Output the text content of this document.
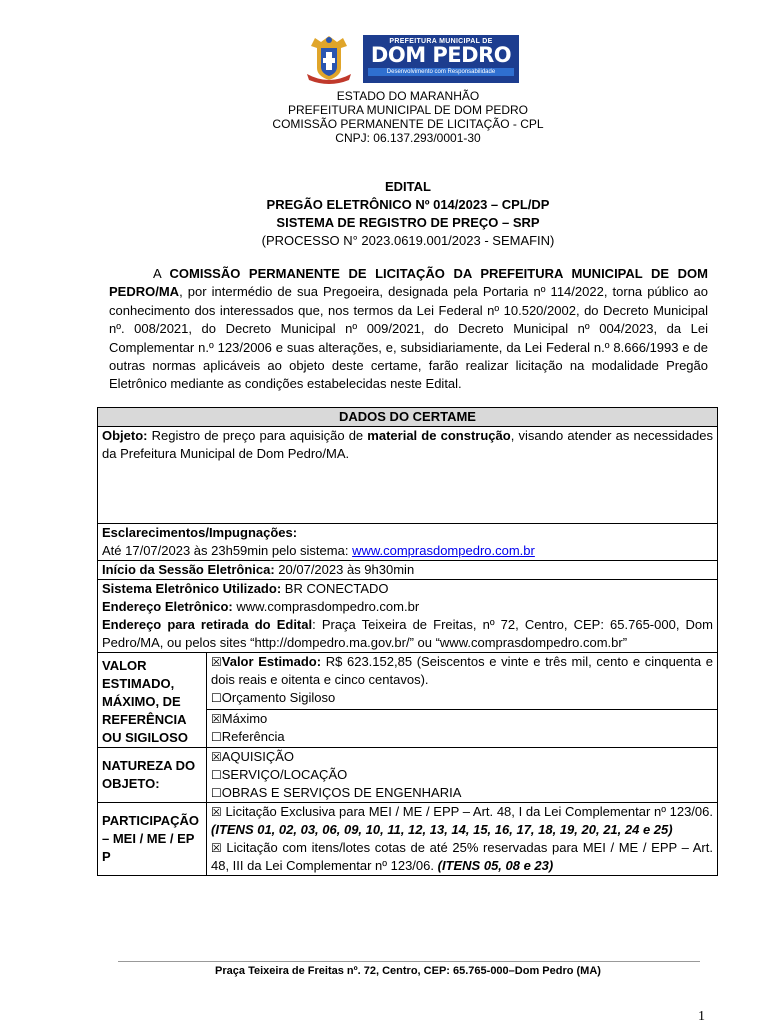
PREFEITURA MUNICIPAL DE
DOM PEDRO
Desenvolvimento com Responsabilidade
ESTADO DO MARANHÃO
PREFEITURA MUNICIPAL DE DOM PEDRO
COMISSÃO PERMANENTE DE LICITAÇÃO - CPL
CNPJ: 06.137.293/0001-30
EDITAL
PREGÃO ELETRÔNICO Nº 014/2023 – CPL/DP
SISTEMA DE REGISTRO DE PREÇO – SRP
(PROCESSO N° 2023.0619.001/2023 - SEMAFIN)
A COMISSÃO PERMANENTE DE LICITAÇÃO DA PREFEITURA MUNICIPAL DE DOM PEDRO/MA, por intermédio de sua Pregoeira, designada pela Portaria nº 114/2022, torna público ao conhecimento dos interessados que, nos termos da Lei Federal nº 10.520/2002, do Decreto Municipal nº. 008/2021, do Decreto Municipal nº 009/2021, do Decreto Municipal nº 004/2023, da Lei Complementar n.º 123/2006 e suas alterações, e, subsidiariamente, da Lei Federal n.º 8.666/1993 e de outras normas aplicáveis ao objeto deste certame, farão realizar licitação na modalidade Pregão Eletrônico mediante as condições estabelecidas neste Edital.
DADOS DO CERTAME	
Objeto: Registro de preço para aquisição de material de construção, visando atender as necessidades da Prefeitura Municipal de Dom Pedro/MA.	

Esclarecimentos/Impugnações:
Até 17/07/2023 às 23h59min pelo sistema: www.comprasdompedro.com.br	
Início da Sessão Eletrônica: 20/07/2023 às 9h30min	

Sistema Eletrônico Utilizado: BR CONECTADO
Endereço Eletrônico: www.comprasdompedro.com.br
Endereço para retirada do Edital: Praça Teixeira de Freitas, nº 72, Centro, CEP: 65.765-000, Dom Pedro/MA, ou pelos sites “http://dompedro.ma.gov.br/” ou “www.comprasdompedro.com.br”	

VALOR ESTIMADO, MÁXIMO, DE REFERÊNCIA OU SIGILOSO	☒Valor Estimado: R$ 623.152,85 (Seiscentos e vinte e três mil, cento e cinquenta e dois reais e oitenta e cinco centavos).
☐Orçamento Sigiloso

	☒Máximo
☐Referência

NATUREZA DO OBJETO:	☒AQUISIÇÃO
☐SERVIÇO/LOCAÇÃO
☐OBRAS E SERVIÇOS DE ENGENHARIA

PARTICIPAÇÃO – MEI / ME / EPP	☒ Licitação Exclusiva para MEI / ME / EPP – Art. 48, I da Lei Complementar nº 123/06. (ITENS 01, 02, 03, 06, 09, 10, 11, 12, 13, 14, 15, 16, 17, 18, 19, 20, 21, 24 e 25)
☒ Licitação com itens/lotes cotas de até 25% reservadas para MEI / ME / EPP – Art. 48, III da Lei Complementar nº 123/06. (ITENS 05, 08 e 23)
Praça Teixeira de Freitas nº. 72, Centro, CEP: 65.765-000–Dom Pedro (MA)
1
